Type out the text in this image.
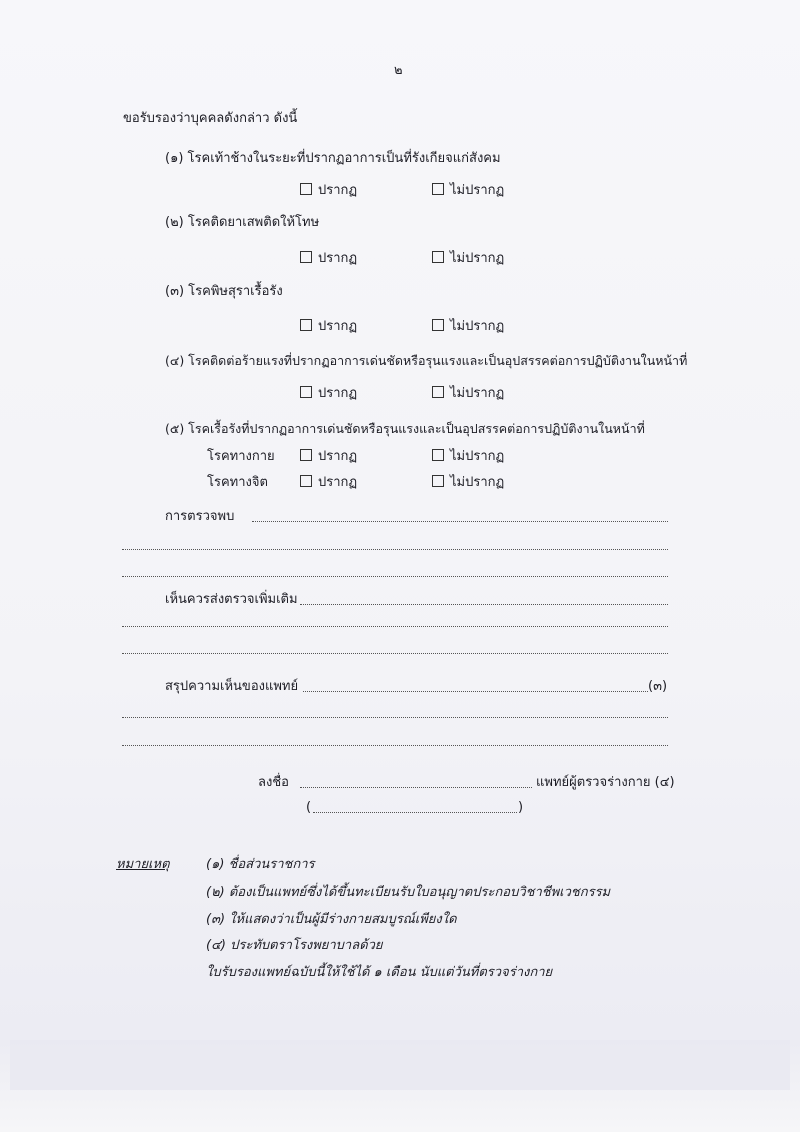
๒
ขอรับรองว่าบุคคลดังกล่าว ดังนี้
(๑) โรคเท้าช้างในระยะที่ปรากฏอาการเป็นที่รังเกียจแก่สังคม
ปรากฏ	ไม่ปรากฏ
(๒) โรคติดยาเสพติดให้โทษ
ปรากฏ	ไม่ปรากฏ
(๓) โรคพิษสุราเรื้อรัง
ปรากฏ	ไม่ปรากฏ
(๔) โรคติดต่อร้ายแรงที่ปรากฏอาการเด่นชัดหรือรุนแรงและเป็นอุปสรรคต่อการปฏิบัติงานในหน้าที่
ปรากฏ	ไม่ปรากฏ
(๕) โรคเรื้อรังที่ปรากฏอาการเด่นชัดหรือรุนแรงและเป็นอุปสรรคต่อการปฏิบัติงานในหน้าที่
โรคทางกาย	ปรากฏ	ไม่ปรากฏ
โรคทางจิต	ปรากฏ	ไม่ปรากฏ
การตรวจพบ
เห็นควรส่งตรวจเพิ่มเติม
สรุปความเห็นของแพทย์	(๓)
ลงชื่อ	แพทย์ผู้ตรวจร่างกาย (๔)
(	)
หมายเหตุ	(๑) ชื่อส่วนราชการ
(๒) ต้องเป็นแพทย์ซึ่งได้ขึ้นทะเบียนรับใบอนุญาตประกอบวิชาชีพเวชกรรม
(๓) ให้แสดงว่าเป็นผู้มีร่างกายสมบูรณ์เพียงใด
(๔) ประทับตราโรงพยาบาลด้วย
ใบรับรองแพทย์ฉบับนี้ให้ใช้ได้ ๑ เดือน นับแต่วันที่ตรวจร่างกาย
